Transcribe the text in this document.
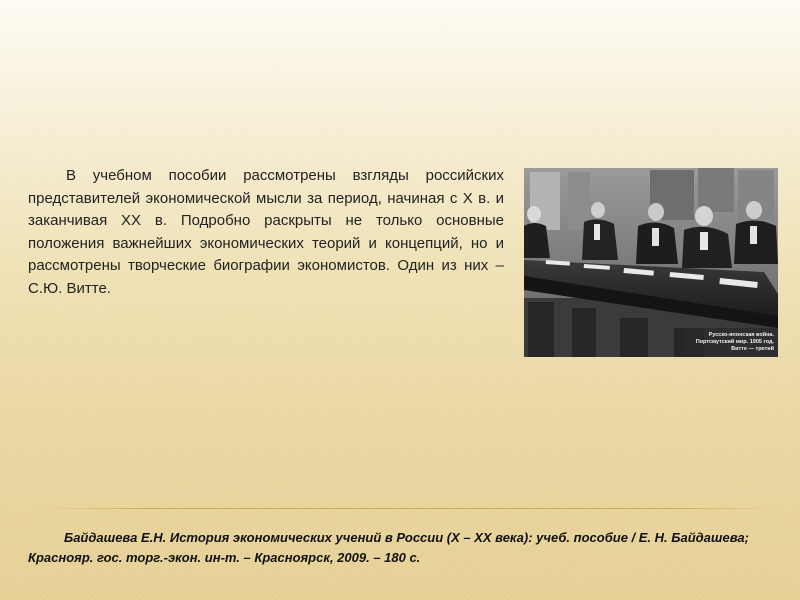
В учебном пособии рассмотрены взгляды российских представителей экономической мысли за период, начиная с X в. и заканчивая XX в. Подробно раскрыты не только основные положения важнейших экономических теорий и концепций, но и рассмотрены творческие биографии экономистов. Один из них – С.Ю. Витте.

Русско-японская война. Портсмутский мир. 1905 год. Витте — третий

Байдашева Е.Н. История экономических учений в России (X – XX века): учеб. пособие / Е. Н. Байдашева; Краснояр. гос. торг.-экон. ин-т. – Красноярск, 2009. – 180 с.
